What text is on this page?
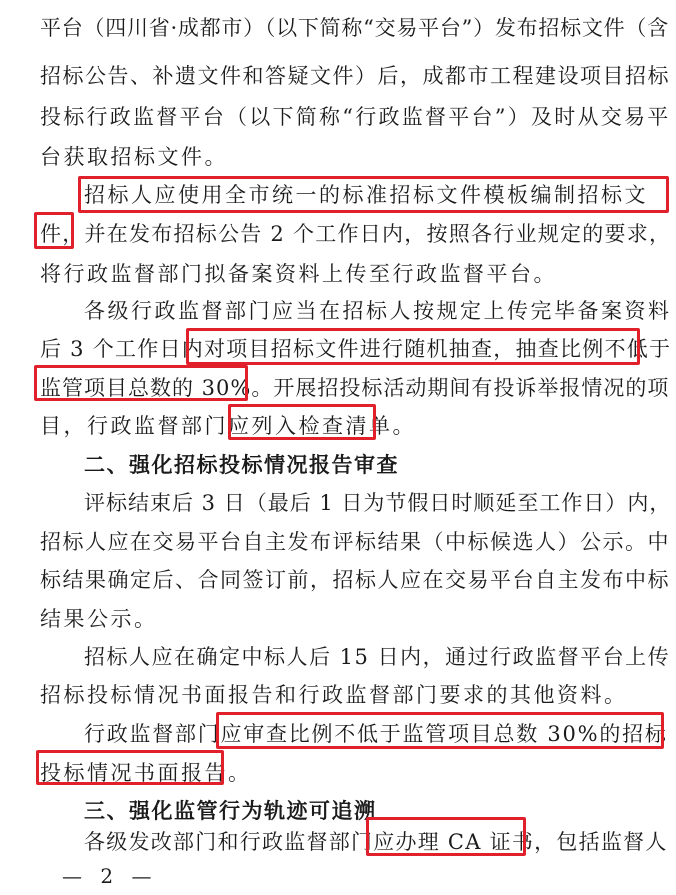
平台（四川省·成都市）（以下简称“交易平台”）发布招标文件（含
招标公告、补遗文件和答疑文件）后，成都市工程建设项目招标
投标行政监督平台（以下简称“行政监督平台”）及时从交易平
台获取招标文件。
招标人应使用全市统一的标准招标文件模板编制招标文
件，并在发布招标公告 2 个工作日内，按照各行业规定的要求，
将行政监督部门拟备案资料上传至行政监督平台。
各级行政监督部门应当在招标人按规定上传完毕备案资料
后 3 个工作日内对项目招标文件进行随机抽查，抽查比例不低于
监管项目总数的 30%。开展招投标活动期间有投诉举报情况的项
目，行政监督部门应列入检查清单。
二、强化招标投标情况报告审查
评标结束后 3 日（最后 1 日为节假日时顺延至工作日）内，
招标人应在交易平台自主发布评标结果（中标候选人）公示。中
标结果确定后、合同签订前，招标人应在交易平台自主发布中标
结果公示。
招标人应在确定中标人后 15 日内，通过行政监督平台上传
招标投标情况书面报告和行政监督部门要求的其他资料。
行政监督部门应审查比例不低于监管项目总数 30%的招标
投标情况书面报告。
三、强化监管行为轨迹可追溯
各级发改部门和行政监督部门应办理 CA 证书，包括监督人
— 2 —
